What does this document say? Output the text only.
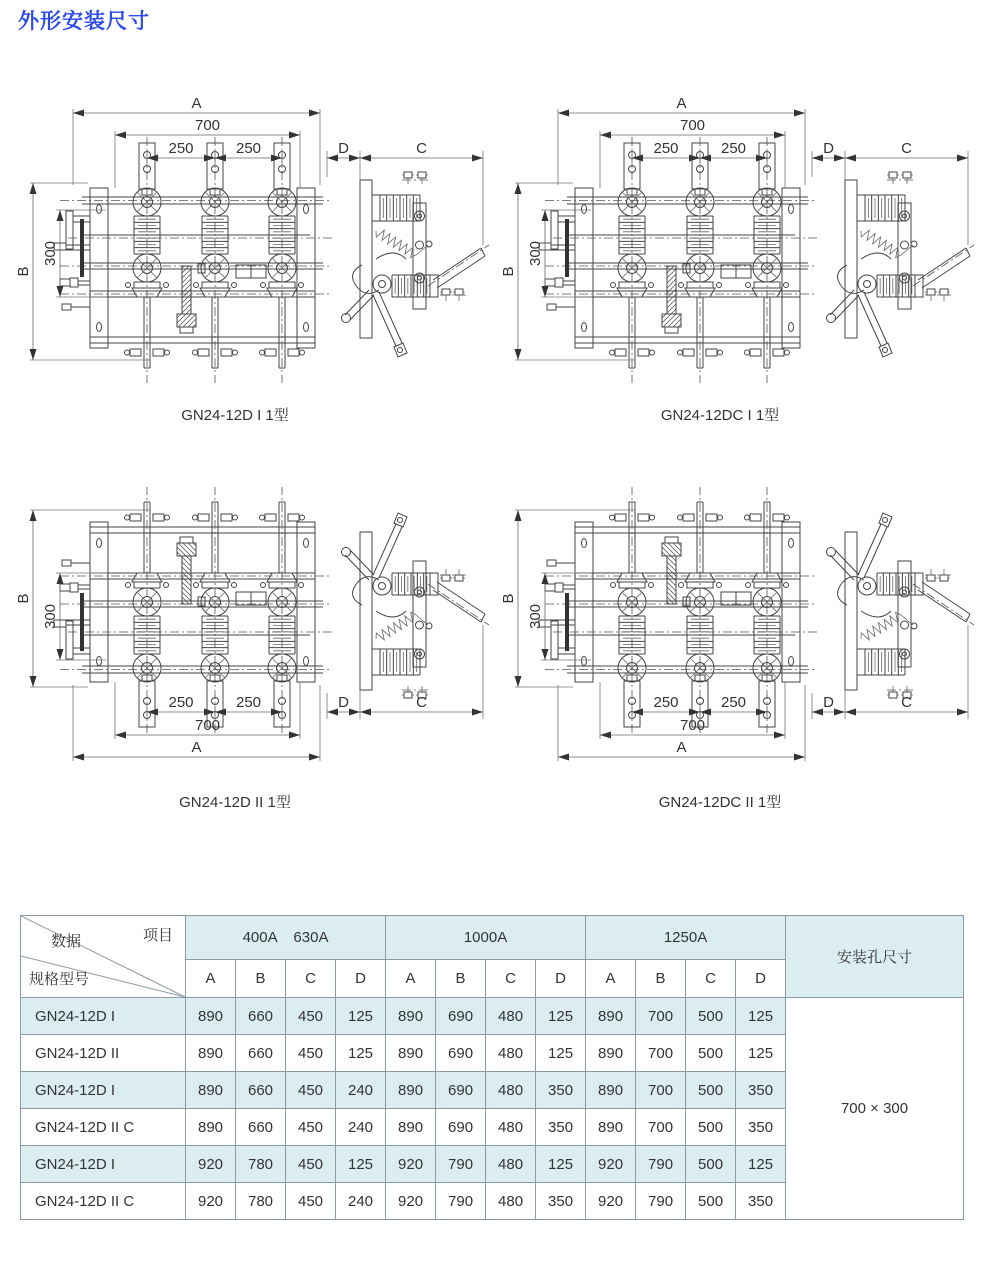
外形安装尺寸
A
700
250	250	D	C
B
300
GN24-12D I 1型
A
700
250	250	D	C
B
300
GN24-12DC I 1型
A
700
250	250	D	C
B
300
GN24-12D II 1型
A
700
250	250	D	C
B
300
GN24-12DC II 1型
数据 项目
规格型号	400A    630A				1000A				1250A				安装孔尺寸
	A	B	C	D	A	B	C	D	A	B	C	D	
GN24-12D I	890	660	450	125	890	690	480	125	890	700	500	125	700 × 300
GN24-12D II	890	660	450	125	890	690	480	125	890	700	500	125	
GN24-12D I	890	660	450	240	890	690	480	350	890	700	500	350	
GN24-12D II C	890	660	450	240	890	690	480	350	890	700	500	350	
GN24-12D I	920	780	450	125	920	790	480	125	920	790	500	125	
GN24-12D II C	920	780	450	240	920	790	480	350	920	790	500	350	
